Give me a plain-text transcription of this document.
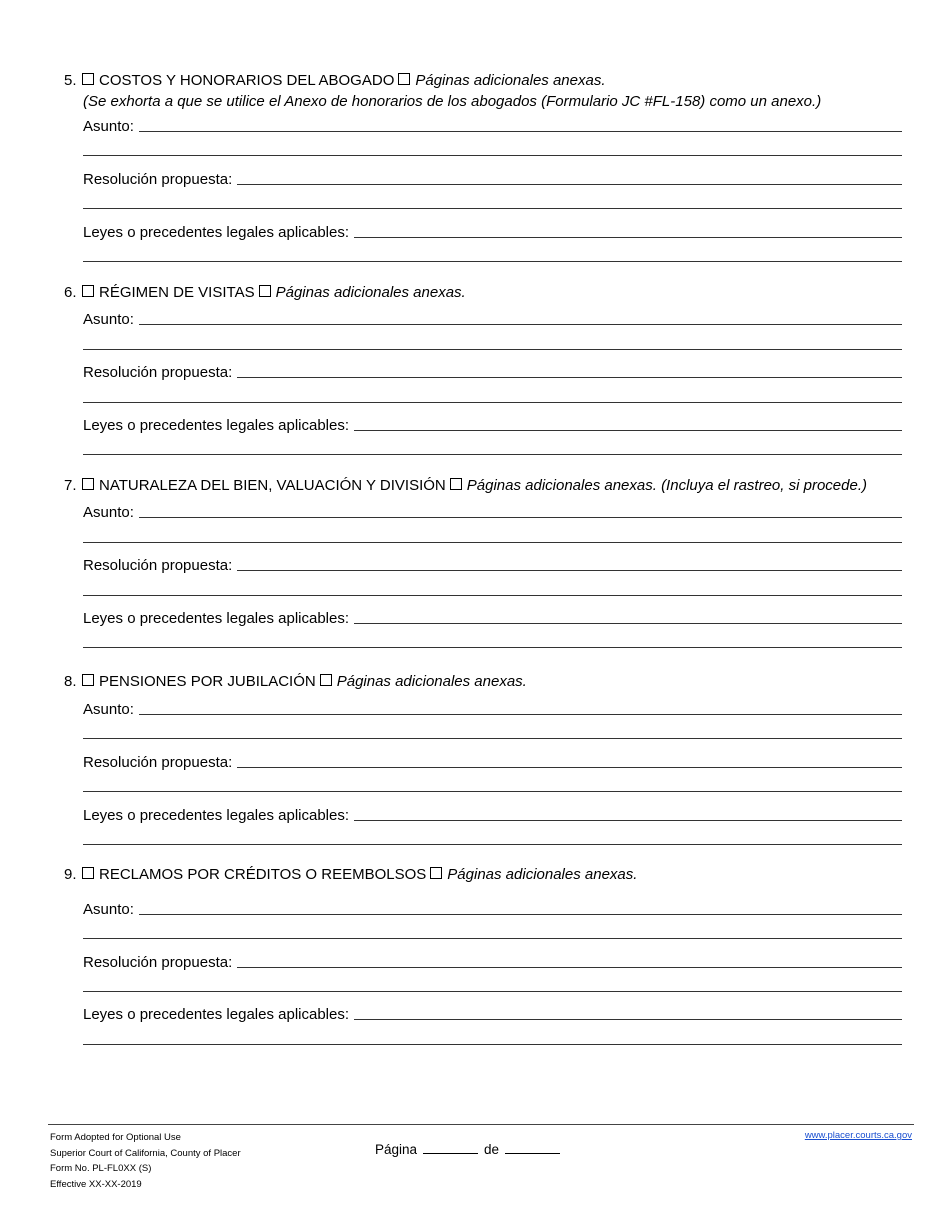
5. COSTOS Y HONORARIOS DEL ABOGADO Páginas adicionales anexas.
(Se exhorta a que se utilice el Anexo de honorarios de los abogados (Formulario JC #FL-158) como un anexo.)
Asunto:
Resolución propuesta:
Leyes o precedentes legales aplicables:
6. RÉGIMEN DE VISITAS Páginas adicionales anexas.
Asunto:
Resolución propuesta:
Leyes o precedentes legales aplicables:
7. NATURALEZA DEL BIEN, VALUACIÓN Y DIVISIÓN Páginas adicionales anexas. (Incluya el rastreo, si procede.)
Asunto:
Resolución propuesta:
Leyes o precedentes legales aplicables:
8. PENSIONES POR JUBILACIÓN Páginas adicionales anexas.
Asunto:
Resolución propuesta:
Leyes o precedentes legales aplicables:
9. RECLAMOS POR CRÉDITOS O REEMBOLSOS Páginas adicionales anexas.
Asunto:
Resolución propuesta:
Leyes o precedentes legales aplicables:
Form Adopted for Optional Use
Superior Court of California, County of Placer
Form No. PL-FL0XX (S)
Effective XX-XX-2019
Página	de
www.placer.courts.ca.gov
